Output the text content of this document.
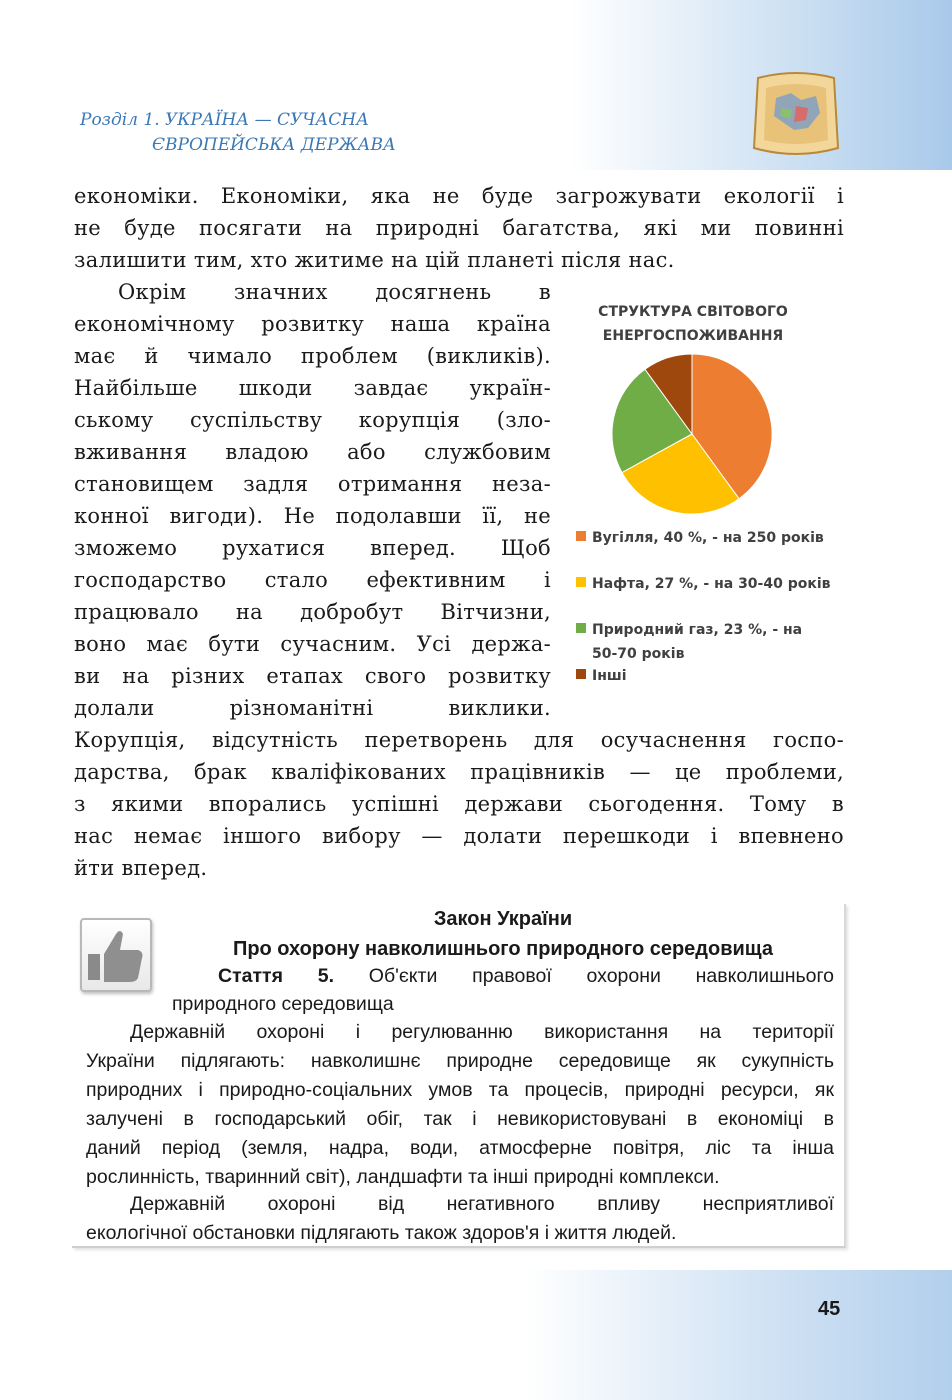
Розділ 1. УКРАЇНА — СУЧАСНА
ЄВРОПЕЙСЬКА ДЕРЖАВА
економіки. Економіки, яка не буде загрожувати екології і
не буде посягати на природні багатства, які ми повинні
залишити тим, хто житиме на цій планеті після нас.
Окрім значних досягнень в
економічному розвитку наша країна
має й чимало проблем (викликів).
Найбільше шкоди завдає україн-
ському суспільству корупція (зло-
вживання владою або службовим
становищем задля отримання неза-
конної вигоди). Не подолавши її, не
зможемо рухатися вперед. Щоб
господарство стало ефективним і
працювало на добробут Вітчизни,
воно має бути сучасним. Усі держа-
ви на різних етапах свого розвитку
долали різноманітні виклики.
Корупція, відсутність перетворень для осучаснення госпо-
дарства, брак кваліфікованих працівників — це проблеми,
з якими впорались успішні держави сьогодення. Тому в
нас немає іншого вибору — долати перешкоди і впевнено
йти вперед.
СТРУКТУРА СВІТОВОГО
ЕНЕРГОСПОЖИВАННЯ
Вугілля, 40 %, - на 250 років
Нафта, 27 %, - на 30-40 років
Природний газ, 23 %, - на
50-70 років
Інші
Закон України
Про охорону навколишнього природного середовища
Стаття 5. Об'єкти правової охорони навколишнього
природного середовища
Державній охороні і регулюванню використання на території
України підлягають: навколишнє природне середовище як сукупність
природних і природно-соціальних умов та процесів, природні ресурси, як
залучені в господарський обіг, так і невикористовувані в економіці в
даний період (земля, надра, води, атмосферне повітря, ліс та інша
рослинність, тваринний світ), ландшафти та інші природні комплекси.
Державній охороні від негативного впливу несприятливої
екологічної обстановки підлягають також здоров'я і життя людей.
45
